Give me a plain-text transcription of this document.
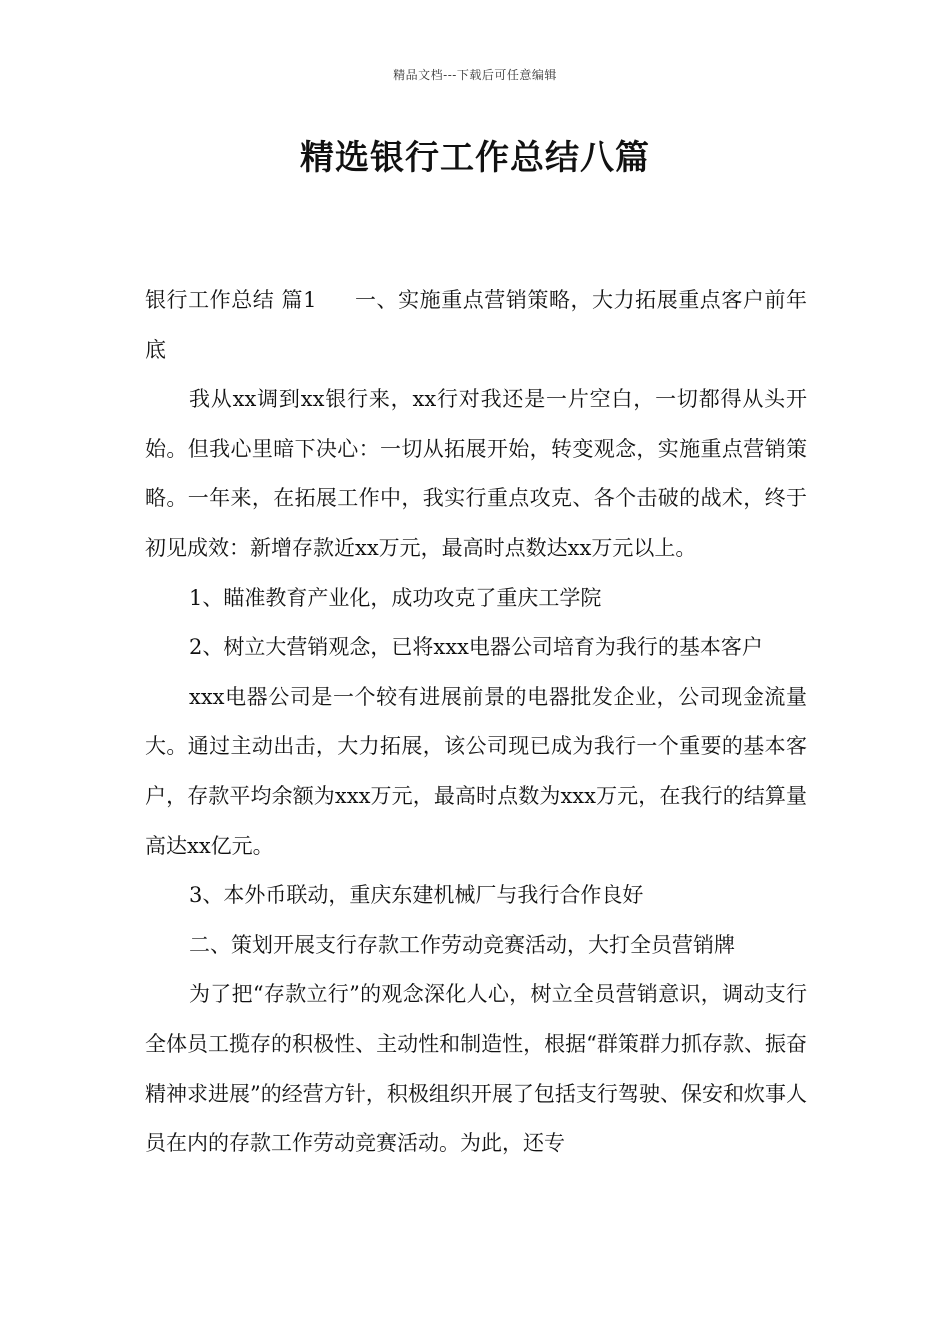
精品文档---下载后可任意编辑
精选银行工作总结八篇

银行工作总结 篇1 一、实施重点营销策略，大力拓展重点客户前年底

我从xx调到xx银行来，xx行对我还是一片空白，一切都得从头开始。但我心里暗下决心：一切从拓展开始，转变观念，实施重点营销策略。一年来，在拓展工作中，我实行重点攻克、各个击破的战术，终于初见成效：新增存款近xx万元，最高时点数达xx万元以上。

1、瞄准教育产业化，成功攻克了重庆工学院

2、树立大营销观念，已将xxx电器公司培育为我行的基本客户

xxx电器公司是一个较有进展前景的电器批发企业，公司现金流量大。通过主动出击，大力拓展，该公司现已成为我行一个重要的基本客户，存款平均余额为xxx万元，最高时点数为xxx万元，在我行的结算量高达xx亿元。

3、本外币联动，重庆东建机械厂与我行合作良好

二、策划开展支行存款工作劳动竞赛活动，大打全员营销牌

为了把“存款立行”的观念深化人心，树立全员营销意识，调动支行全体员工揽存的积极性、主动性和制造性，根据“群策群力抓存款、振奋精神求进展”的经营方针，积极组织开展了包括支行驾驶、保安和炊事人员在内的存款工作劳动竞赛活动。为此，还专
